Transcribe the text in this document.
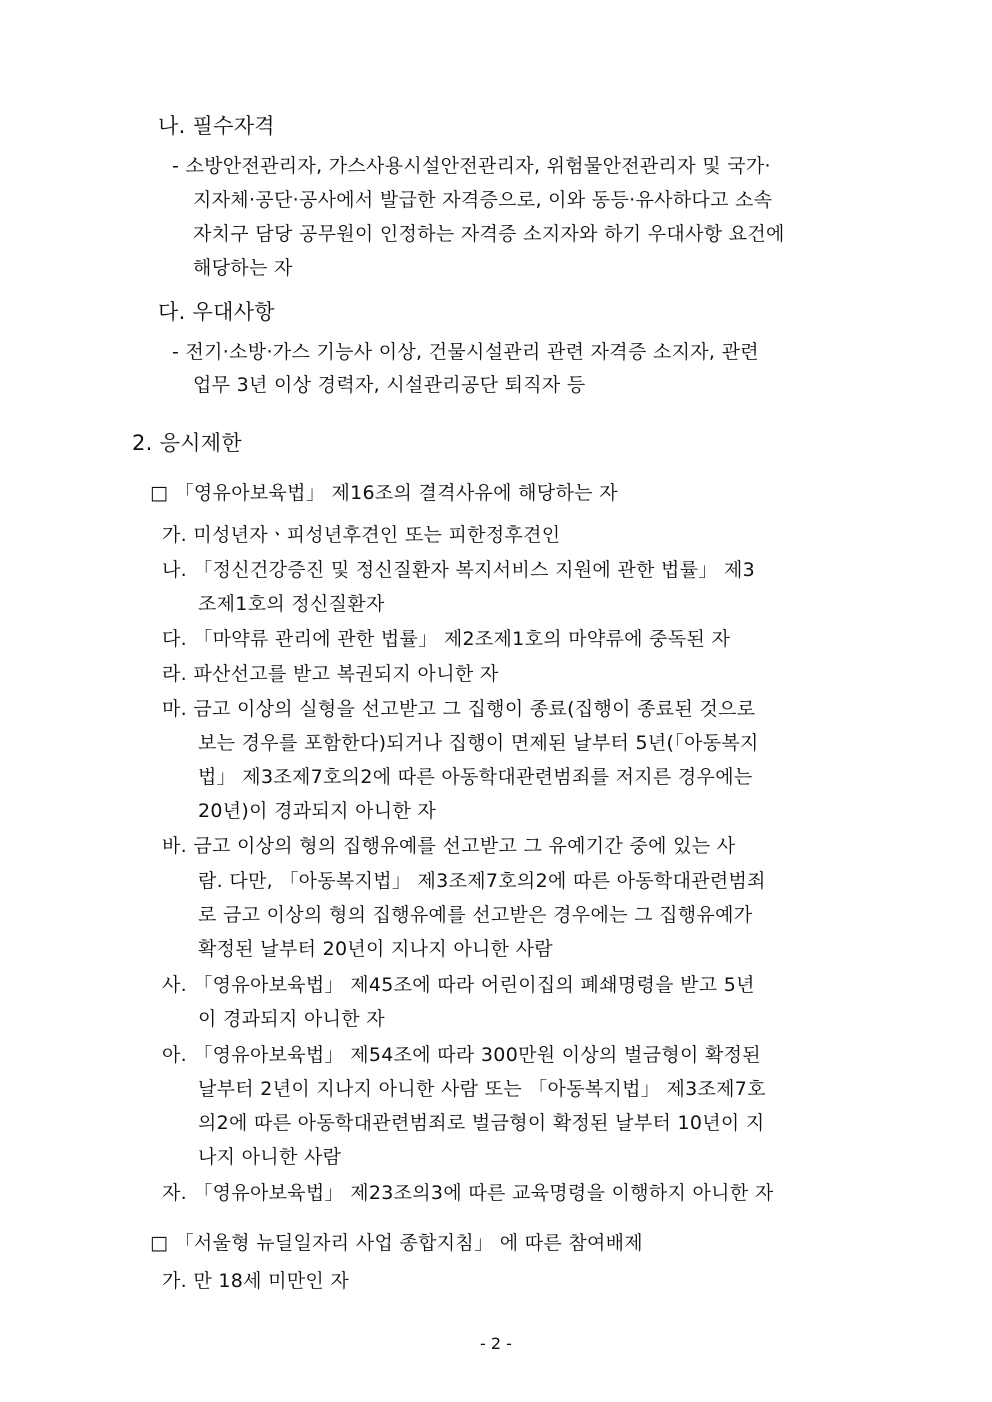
나. 필수자격
- 소방안전관리자, 가스사용시설안전관리자, 위험물안전관리자 및 국가·
지자체·공단·공사에서 발급한 자격증으로, 이와 동등·유사하다고 소속
자치구 담당 공무원이 인정하는 자격증 소지자와 하기 우대사항 요건에
해당하는 자
다. 우대사항
- 전기·소방·가스 기능사 이상, 건물시설관리 관련 자격증 소지자, 관련
업무 3년 이상 경력자, 시설관리공단 퇴직자 등
2. 응시제한
□ 「영유아보육법」 제16조의 결격사유에 해당하는 자
가. 미성년자ㆍ피성년후견인 또는 피한정후견인
나. 「정신건강증진 및 정신질환자 복지서비스 지원에 관한 법률」 제3
조제1호의 정신질환자
다. 「마약류 관리에 관한 법률」 제2조제1호의 마약류에 중독된 자
라. 파산선고를 받고 복권되지 아니한 자
마. 금고 이상의 실형을 선고받고 그 집행이 종료(집행이 종료된 것으로
보는 경우를 포함한다)되거나 집행이 면제된 날부터 5년(「아동복지
법」 제3조제7호의2에 따른 아동학대관련범죄를 저지른 경우에는
20년)이 경과되지 아니한 자
바. 금고 이상의 형의 집행유예를 선고받고 그 유예기간 중에 있는 사
람. 다만, 「아동복지법」 제3조제7호의2에 따른 아동학대관련범죄
로 금고 이상의 형의 집행유예를 선고받은 경우에는 그 집행유예가
확정된 날부터 20년이 지나지 아니한 사람
사. 「영유아보육법」 제45조에 따라 어린이집의 폐쇄명령을 받고 5년
이 경과되지 아니한 자
아. 「영유아보육법」 제54조에 따라 300만원 이상의 벌금형이 확정된
날부터 2년이 지나지 아니한 사람 또는 「아동복지법」 제3조제7호
의2에 따른 아동학대관련범죄로 벌금형이 확정된 날부터 10년이 지
나지 아니한 사람
자. 「영유아보육법」 제23조의3에 따른 교육명령을 이행하지 아니한 자
□ 「서울형 뉴딜일자리 사업 종합지침」 에 따른 참여배제
가. 만 18세 미만인 자
- 2 -
